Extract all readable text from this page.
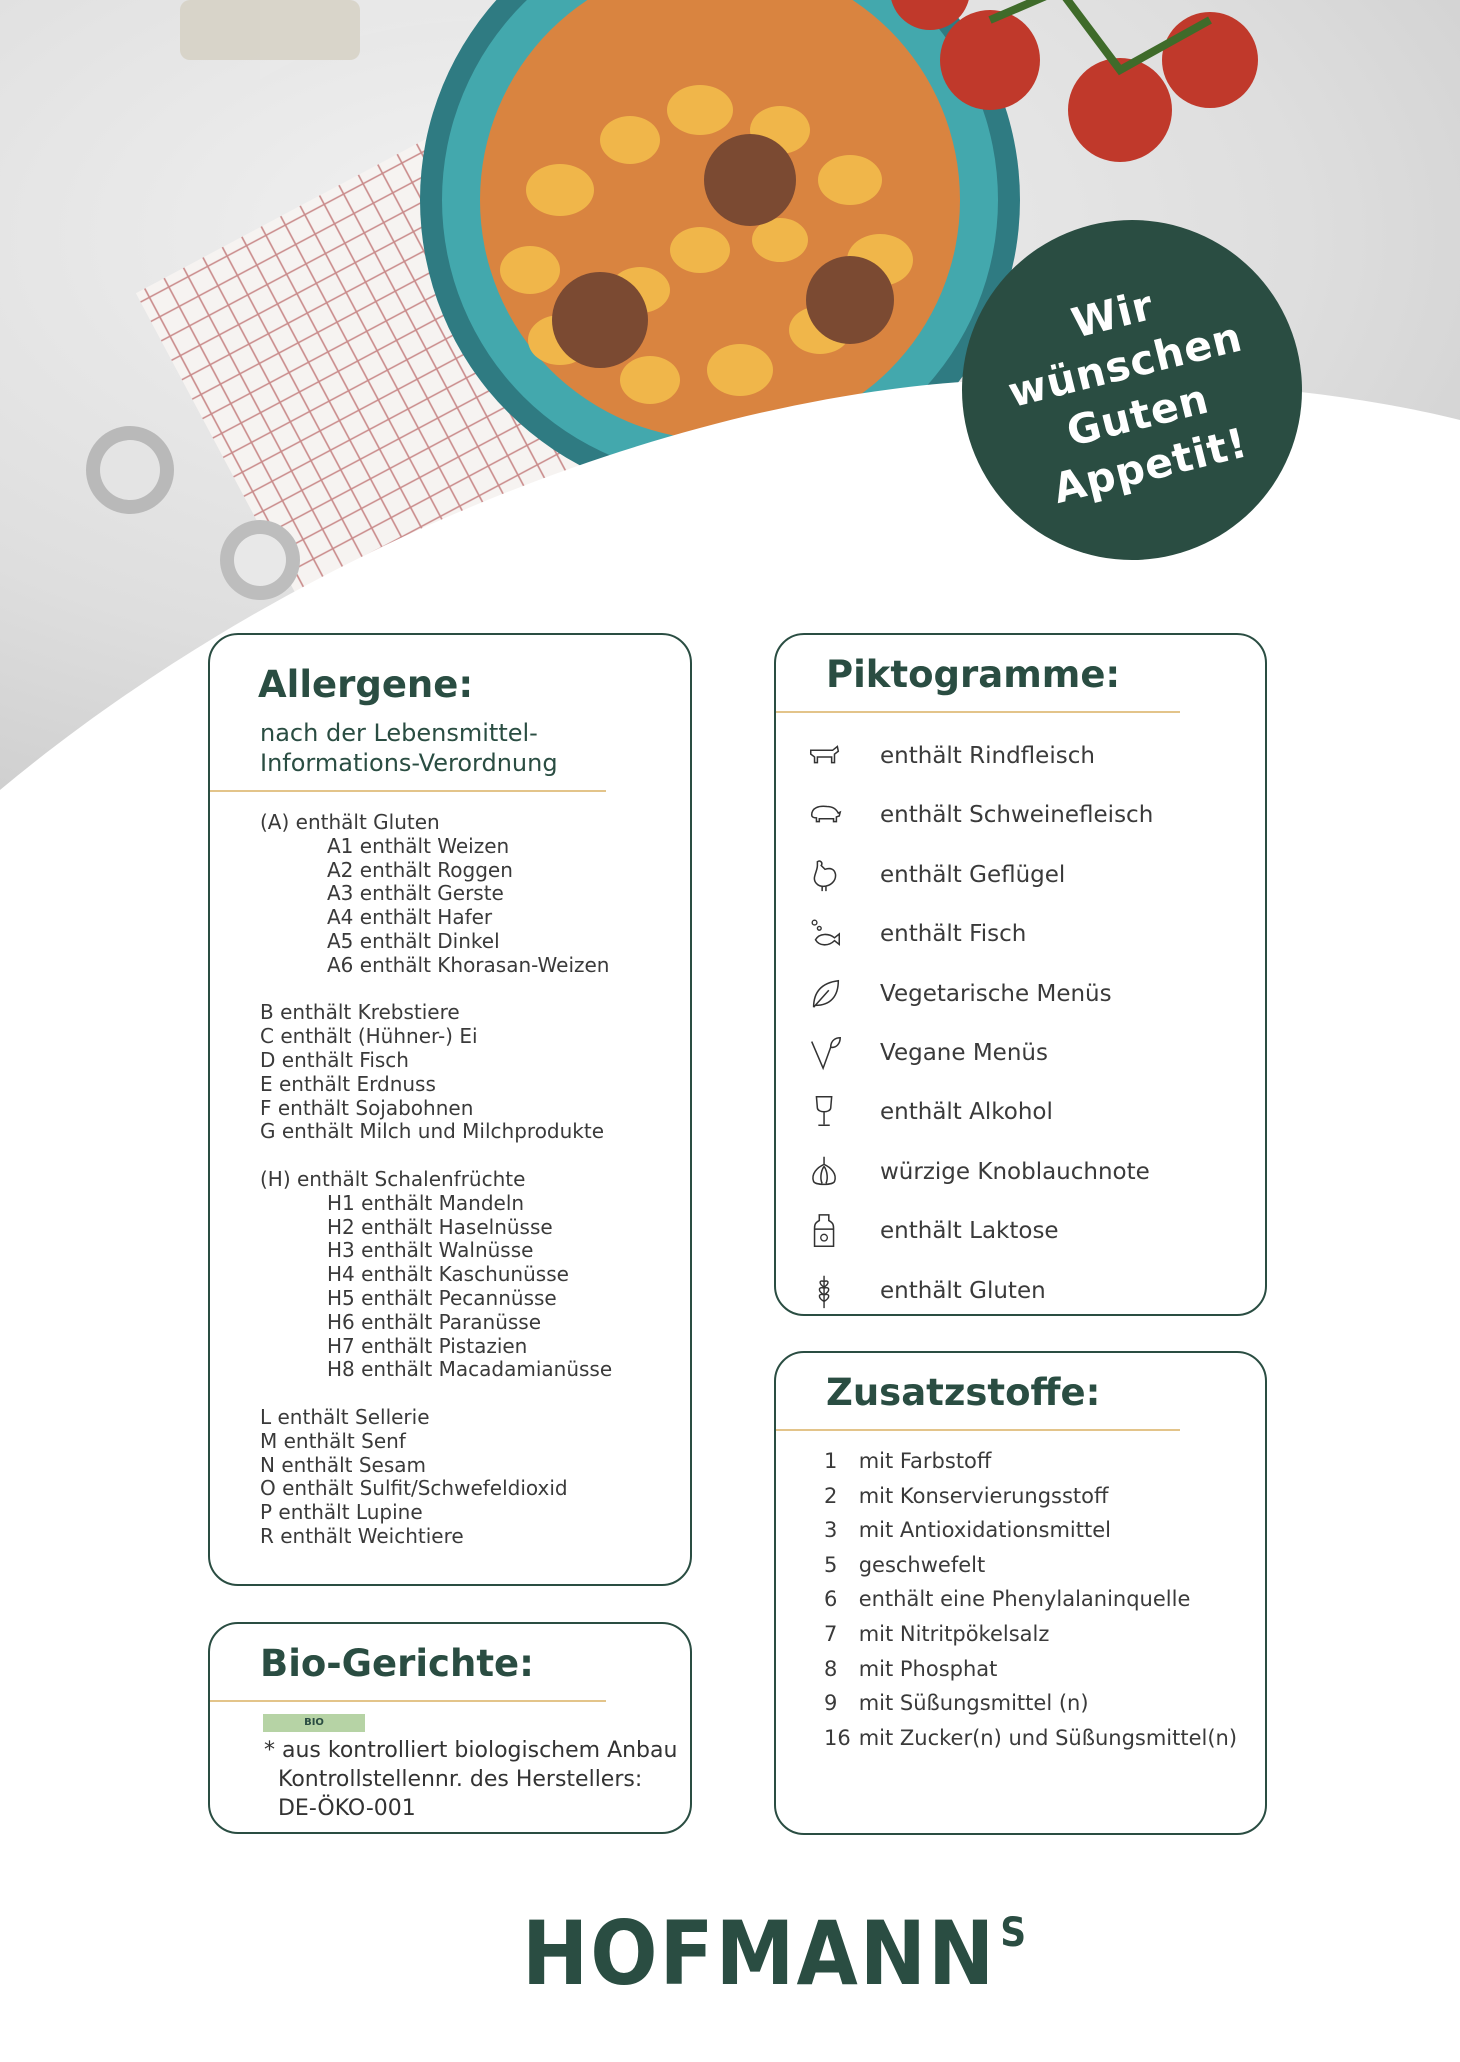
Wir
wünschen
Guten
Appetit!
Allergene:
nach der Lebensmittel-
Informations-Verordnung
(A) enthält Gluten
A1 enthält Weizen
A2 enthält Roggen
A3 enthält Gerste
A4 enthält Hafer
A5 enthält Dinkel
A6 enthält Khorasan-Weizen
B enthält Krebstiere
C enthält (Hühner-) Ei
D enthält Fisch
E enthält Erdnuss
F enthält Sojabohnen
G enthält Milch und Milchprodukte
(H) enthält Schalenfrüchte
H1 enthält Mandeln
H2 enthält Haselnüsse
H3 enthält Walnüsse
H4 enthält Kaschunüsse
H5 enthält Pecannüsse
H6 enthält Paranüsse
H7 enthält Pistazien
H8 enthält Macadamianüsse
L enthält Sellerie
M enthält Senf
N enthält Sesam
O enthält Sulfit/Schwefeldioxid
P enthält Lupine
R enthält Weichtiere
Piktogramme:
enthält Rindfleisch
enthält Schweinefleisch
enthält Geflügel
enthält Fisch
Vegetarische Menüs
Vegane Menüs
enthält Alkohol
würzige Knoblauchnote
enthält Laktose
enthält Gluten
Zusatzstoffe:
1 mit Farbstoff
2 mit Konservierungsstoff
3 mit Antioxidationsmittel
5 geschwefelt
6 enthält eine Phenylalaninquelle
7 mit Nitritpökelsalz
8 mit Phosphat
9 mit Süßungsmittel (n)
16 mit Zucker(n) und Süßungsmittel(n)
Bio-Gerichte:
BIO
* aus kontrolliert biologischem Anbau
Kontrollstellennr. des Herstellers:
DE-ÖKO-001
HOFMANN $^S$
